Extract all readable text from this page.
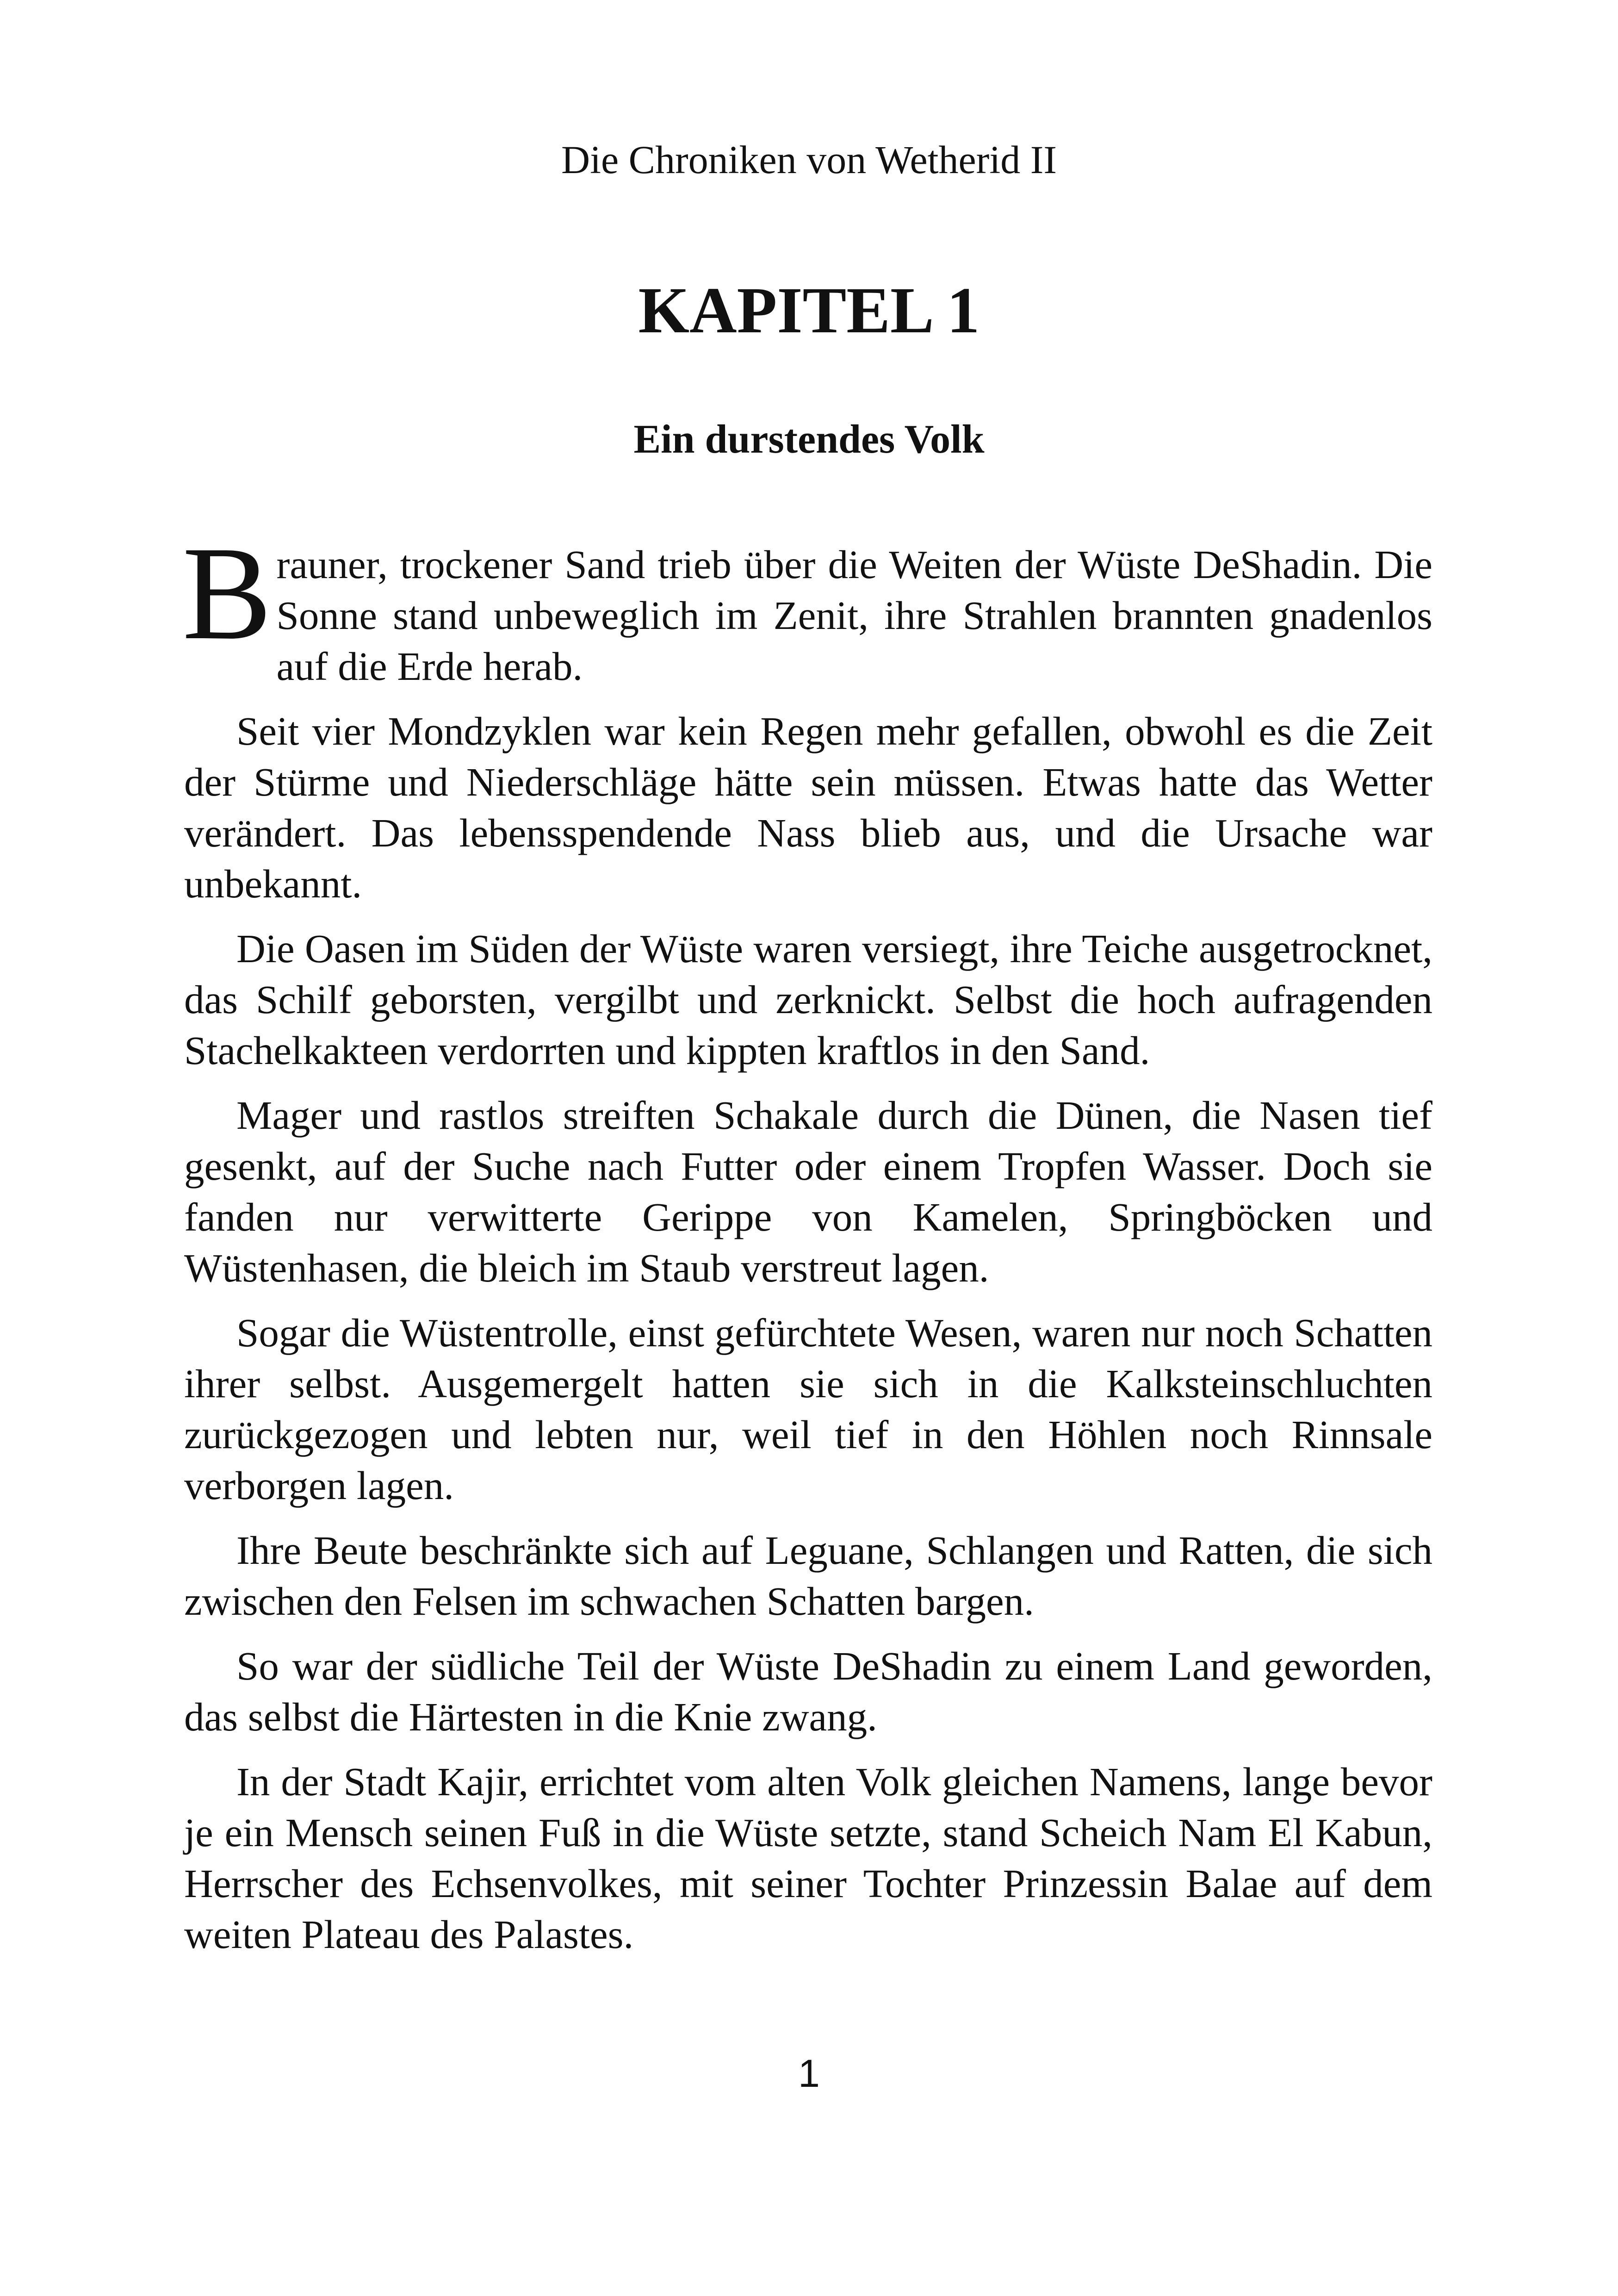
Die Chroniken von Wetherid II
KAPITEL 1
Ein durstendes Volk

Brauner, trockener Sand trieb über die Weiten der Wüste DeShadin. Die Sonne stand unbeweglich im Zenit, ihre Strahlen brannten gnadenlos auf die Erde herab.

Seit vier Mondzyklen war kein Regen mehr gefallen, obwohl es die Zeit der Stürme und Niederschläge hätte sein müssen. Etwas hatte das Wetter verändert. Das lebensspendende Nass blieb aus, und die Ursache war unbekannt.

Die Oasen im Süden der Wüste waren versiegt, ihre Teiche ausgetrocknet, das Schilf geborsten, vergilbt und zerknickt. Selbst die hoch aufragenden Stachelkakteen verdorrten und kippten kraftlos in den Sand.

Mager und rastlos streiften Schakale durch die Dünen, die Nasen tief gesenkt, auf der Suche nach Futter oder einem Tropfen Wasser. Doch sie fanden nur verwitterte Gerippe von Kamelen, Springböcken und Wüstenhasen, die bleich im Staub verstreut lagen.

Sogar die Wüstentrolle, einst gefürchtete Wesen, waren nur noch Schatten ihrer selbst. Ausgemergelt hatten sie sich in die Kalksteinschluchten zurückgezogen und lebten nur, weil tief in den Höhlen noch Rinnsale verborgen lagen.

Ihre Beute beschränkte sich auf Leguane, Schlangen und Ratten, die sich zwischen den Felsen im schwachen Schatten bargen.

So war der südliche Teil der Wüste DeShadin zu einem Land geworden, das selbst die Härtesten in die Knie zwang.

In der Stadt Kajir, errichtet vom alten Volk gleichen Namens, lange bevor je ein Mensch seinen Fuß in die Wüste setzte, stand Scheich Nam El Kabun, Herrscher des Echsenvolkes, mit seiner Tochter Prinzessin Balae auf dem weiten Plateau des Palastes.

1
